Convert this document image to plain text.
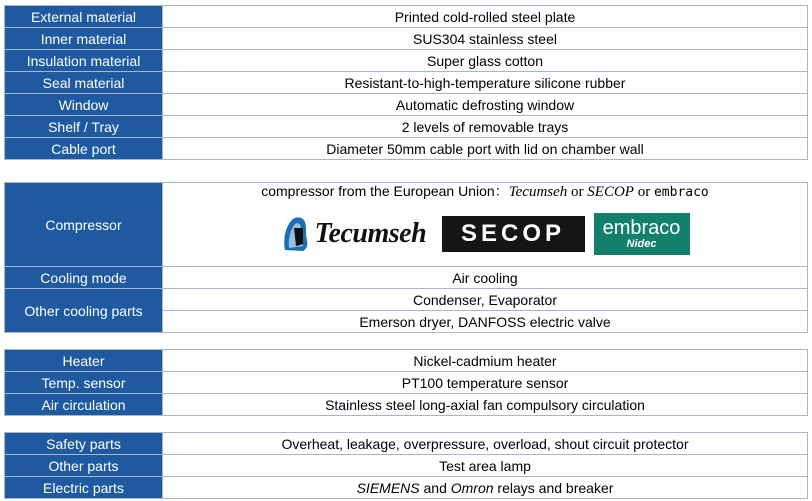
External material	Printed cold-rolled steel plate
Inner material	SUS304 stainless steel
Insulation material	Super glass cotton
Seal material	Resistant-to-high-temperature silicone rubber
Window	Automatic defrosting window
Shelf / Tray	2 levels of removable trays
Cable port	Diameter 50mm cable port with lid on chamber wall
Compressor	compressor from the European Union：Tecumseh or SECOP or embraco
Tecumseh SECOP embraco
Nidec

Cooling mode	Air cooling
Other cooling parts	Condenser, Evaporator
	Emerson dryer, DANFOSS electric valve
Heater	Nickel-cadmium heater
Temp. sensor	PT100 temperature sensor
Air circulation	Stainless steel long-axial fan compulsory circulation
Safety parts	Overheat, leakage, overpressure, overload, shout circuit protector
Other parts	Test area lamp
Electric parts	SIEMENS and Omron relays and breaker
